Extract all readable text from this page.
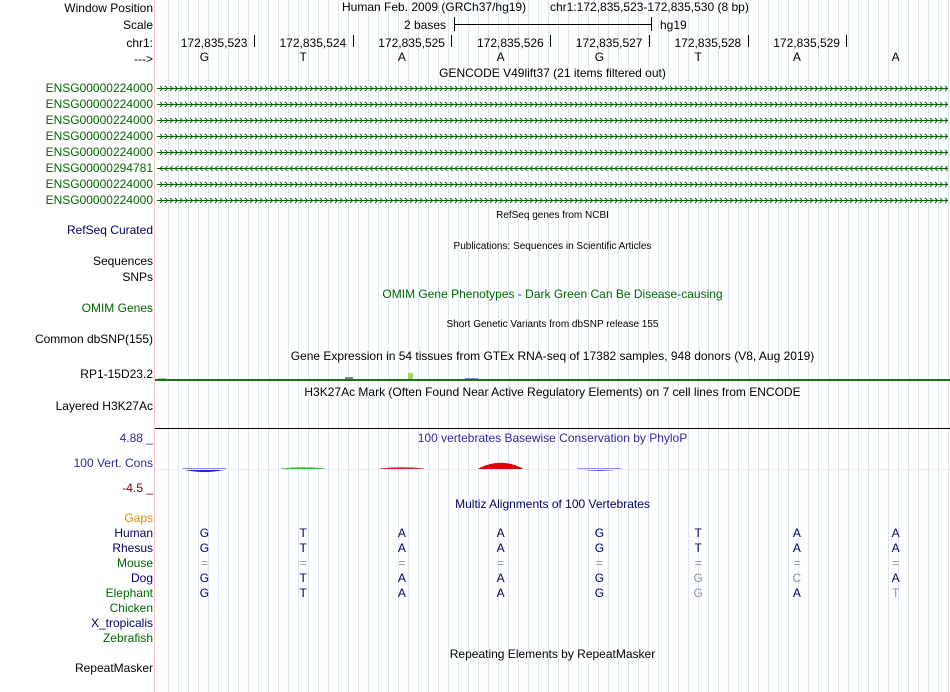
Window Position
Scale
chr1:
--->
Human Feb. 2009 (GRCh37/hg19) chr1:172,835,523-172,835,530 (8 bp)
2 bases	hg19
172,835,523	172,835,524	172,835,525	172,835,526	172,835,527	172,835,528	172,835,529
G	T	A	A	G	T	A	A
GENCODE V49lift37 (21 items filtered out)
ENSG00000224000
ENSG00000224000
ENSG00000224000
ENSG00000224000
ENSG00000224000
ENSG00000294781
ENSG00000224000
ENSG00000224000
RefSeq genes from NCBI
RefSeq Curated
Publications: Sequences in Scientific Articles
Sequences
SNPs
OMIM Gene Phenotypes - Dark Green Can Be Disease-causing
OMIM Genes
Short Genetic Variants from dbSNP release 155
Common dbSNP(155)
Gene Expression in 54 tissues from GTEx RNA-seq of 17382 samples, 948 donors (V8, Aug 2019)
RP1-15D23.2
H3K27Ac Mark (Often Found Near Active Regulatory Elements) on 7 cell lines from ENCODE
Layered H3K27Ac
100 vertebrates Basewise Conservation by PhyloP
4.88 _
100 Vert. Cons
-4.5 _
Multiz Alignments of 100 Vertebrates
Gaps
Human	G	T	A	A	G	T	A	A
Rhesus	G	T	A	A	G	T	A	A
Mouse	=	=	=	=	=	=	=	=
Dog	G	T	A	A	G	G	C	A
Elephant	G	T	A	A	G	G	A	T
Chicken
X_tropicalis
Zebrafish
Repeating Elements by RepeatMasker
RepeatMasker
